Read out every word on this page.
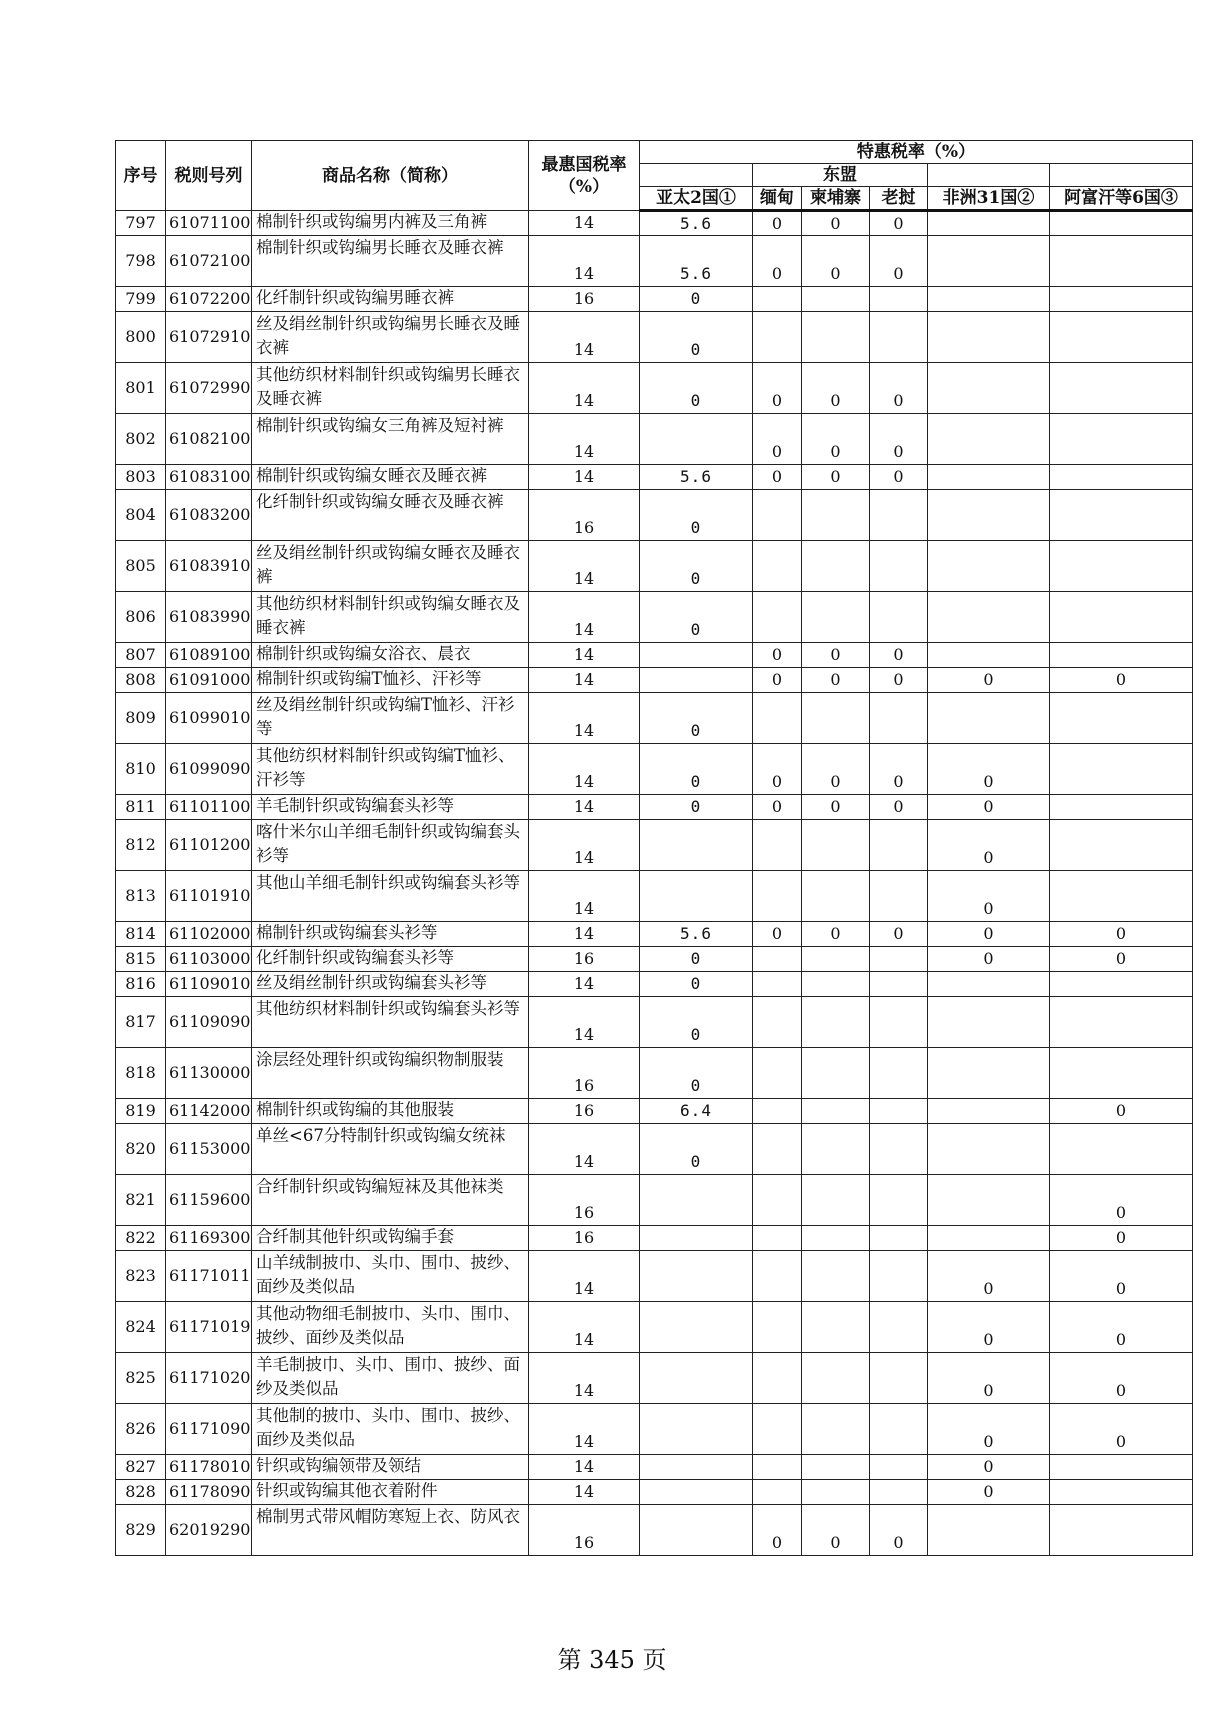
序号	税则号列	商品名称（简称）	最惠国税率（%）	特惠税率（%）					
					东盟				
				亚太2国①	缅甸	柬埔寨	老挝	非洲31国②	阿富汗等6国③
797	61071100	棉制针织或钩编男内裤及三角裤	14	5.6	0	0	0		
798	61072100	棉制针织或钩编男长睡衣及睡衣裤	14	5.6	0	0	0		
799	61072200	化纤制针织或钩编男睡衣裤	16	0					
800	61072910	丝及绢丝制针织或钩编男长睡衣及睡衣裤	14	0					
801	61072990	其他纺织材料制针织或钩编男长睡衣及睡衣裤	14	0	0	0	0		
802	61082100	棉制针织或钩编女三角裤及短衬裤	14		0	0	0		
803	61083100	棉制针织或钩编女睡衣及睡衣裤	14	5.6	0	0	0		
804	61083200	化纤制针织或钩编女睡衣及睡衣裤	16	0					
805	61083910	丝及绢丝制针织或钩编女睡衣及睡衣裤	14	0					
806	61083990	其他纺织材料制针织或钩编女睡衣及睡衣裤	14	0					
807	61089100	棉制针织或钩编女浴衣、晨衣	14		0	0	0		
808	61091000	棉制针织或钩编T恤衫、汗衫等	14		0	0	0	0	0
809	61099010	丝及绢丝制针织或钩编T恤衫、汗衫等	14	0					
810	61099090	其他纺织材料制针织或钩编T恤衫、汗衫等	14	0	0	0	0	0	
811	61101100	羊毛制针织或钩编套头衫等	14	0	0	0	0	0	
812	61101200	喀什米尔山羊细毛制针织或钩编套头衫等	14					0	
813	61101910	其他山羊细毛制针织或钩编套头衫等	14					0	
814	61102000	棉制针织或钩编套头衫等	14	5.6	0	0	0	0	0
815	61103000	化纤制针织或钩编套头衫等	16	0				0	0
816	61109010	丝及绢丝制针织或钩编套头衫等	14	0					
817	61109090	其他纺织材料制针织或钩编套头衫等	14	0					
818	61130000	涂层经处理针织或钩编织物制服装	16	0					
819	61142000	棉制针织或钩编的其他服装	16	6.4					0
820	61153000	单丝<67分特制针织或钩编女统袜	14	0					
821	61159600	合纤制针织或钩编短袜及其他袜类	16						0
822	61169300	合纤制其他针织或钩编手套	16						0
823	61171011	山羊绒制披巾、头巾、围巾、披纱、面纱及类似品	14					0	0
824	61171019	其他动物细毛制披巾、头巾、围巾、披纱、面纱及类似品	14					0	0
825	61171020	羊毛制披巾、头巾、围巾、披纱、面纱及类似品	14					0	0
826	61171090	其他制的披巾、头巾、围巾、披纱、面纱及类似品	14					0	0
827	61178010	针织或钩编领带及领结	14					0	
828	61178090	针织或钩编其他衣着附件	14					0	
829	62019290	棉制男式带风帽防寒短上衣、防风衣	16		0	0	0		
第 345 页
